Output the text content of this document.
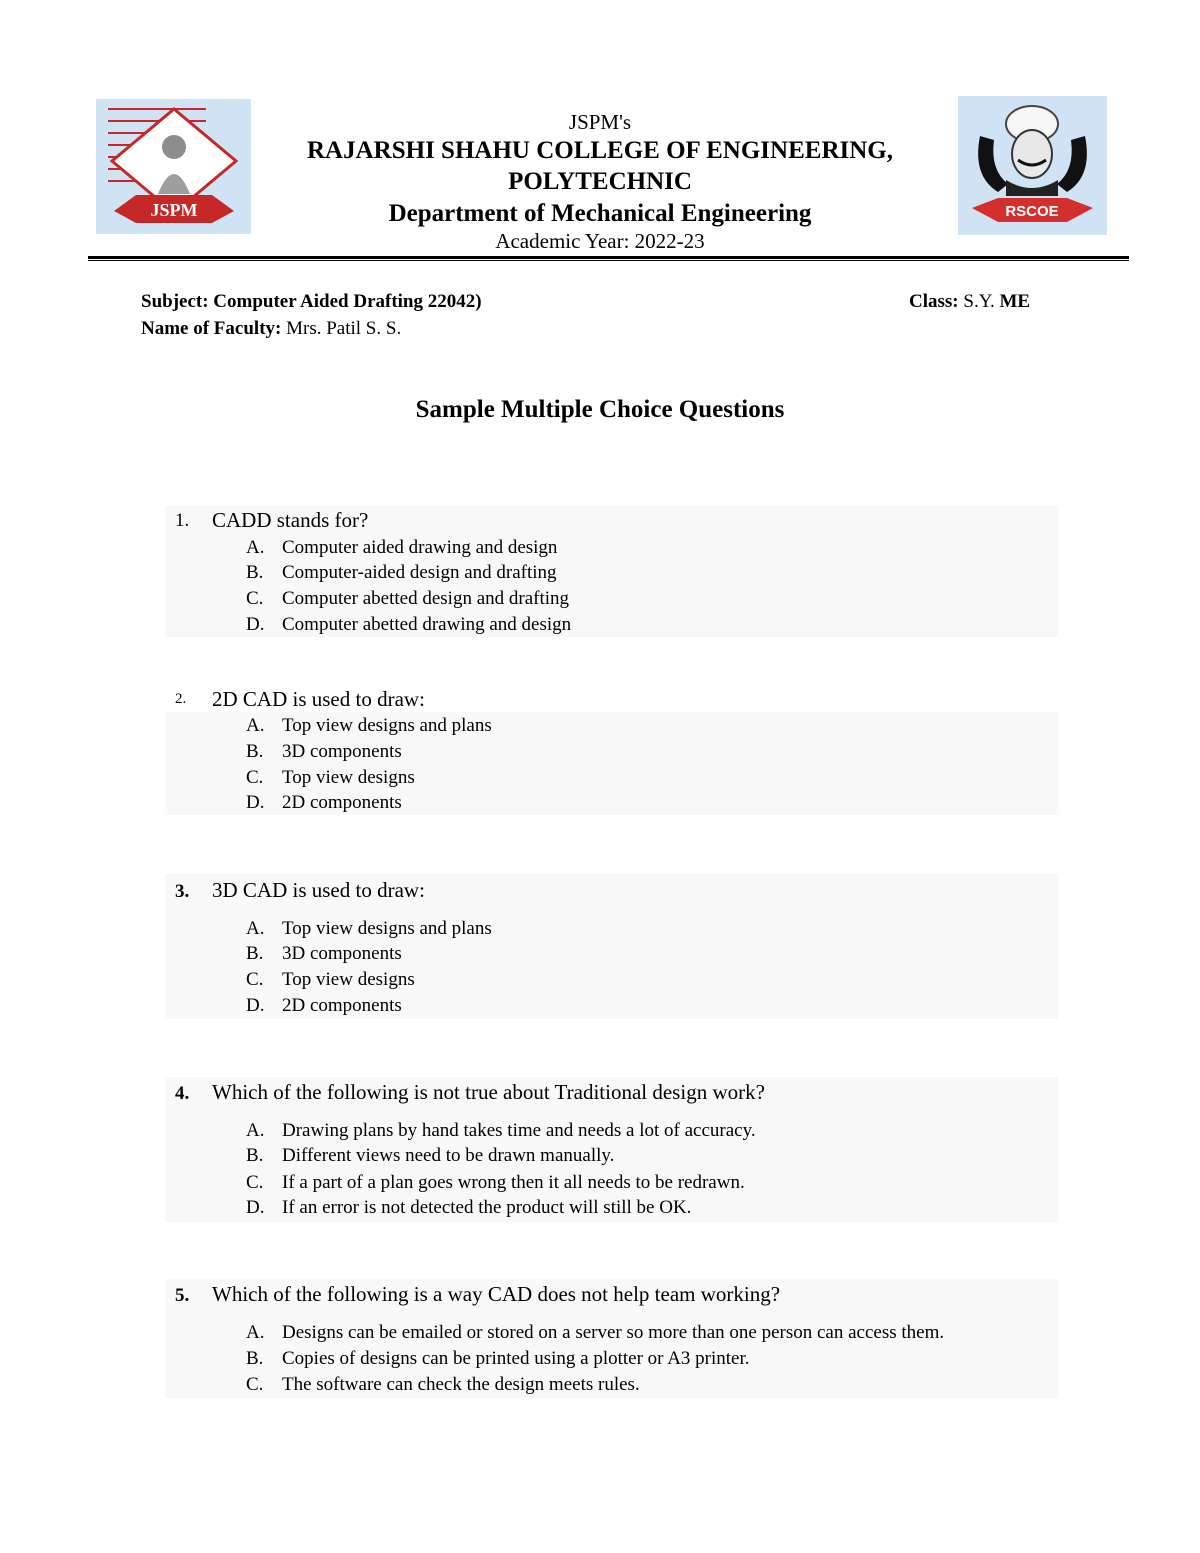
JSPM	RSCOE
JSPM's
RAJARSHI SHAHU COLLEGE OF ENGINEERING,
POLYTECHNIC
Department of Mechanical Engineering
Academic Year: 2022-23
Subject: Computer Aided Drafting 22042)
Name of Faculty: Mrs. Patil S. S.
Class: S.Y. ME
Sample Multiple Choice Questions
1. CADD stands for?
A. Computer aided drawing and design
B. Computer-aided design and drafting
C. Computer abetted design and drafting
D. Computer abetted drawing and design
2. 2D CAD is used to draw:
A. Top view designs and plans
B. 3D components
C. Top view designs
D. 2D components
3. 3D CAD is used to draw:
A. Top view designs and plans
B. 3D components
C. Top view designs
D. 2D components
4. Which of the following is not true about Traditional design work?
A. Drawing plans by hand takes time and needs a lot of accuracy.
B. Different views need to be drawn manually.
C. If a part of a plan goes wrong then it all needs to be redrawn.
D. If an error is not detected the product will still be OK.
5. Which of the following is a way CAD does not help team working?
A. Designs can be emailed or stored on a server so more than one person can access them.
B. Copies of designs can be printed using a plotter or A3 printer.
C. The software can check the design meets rules.
